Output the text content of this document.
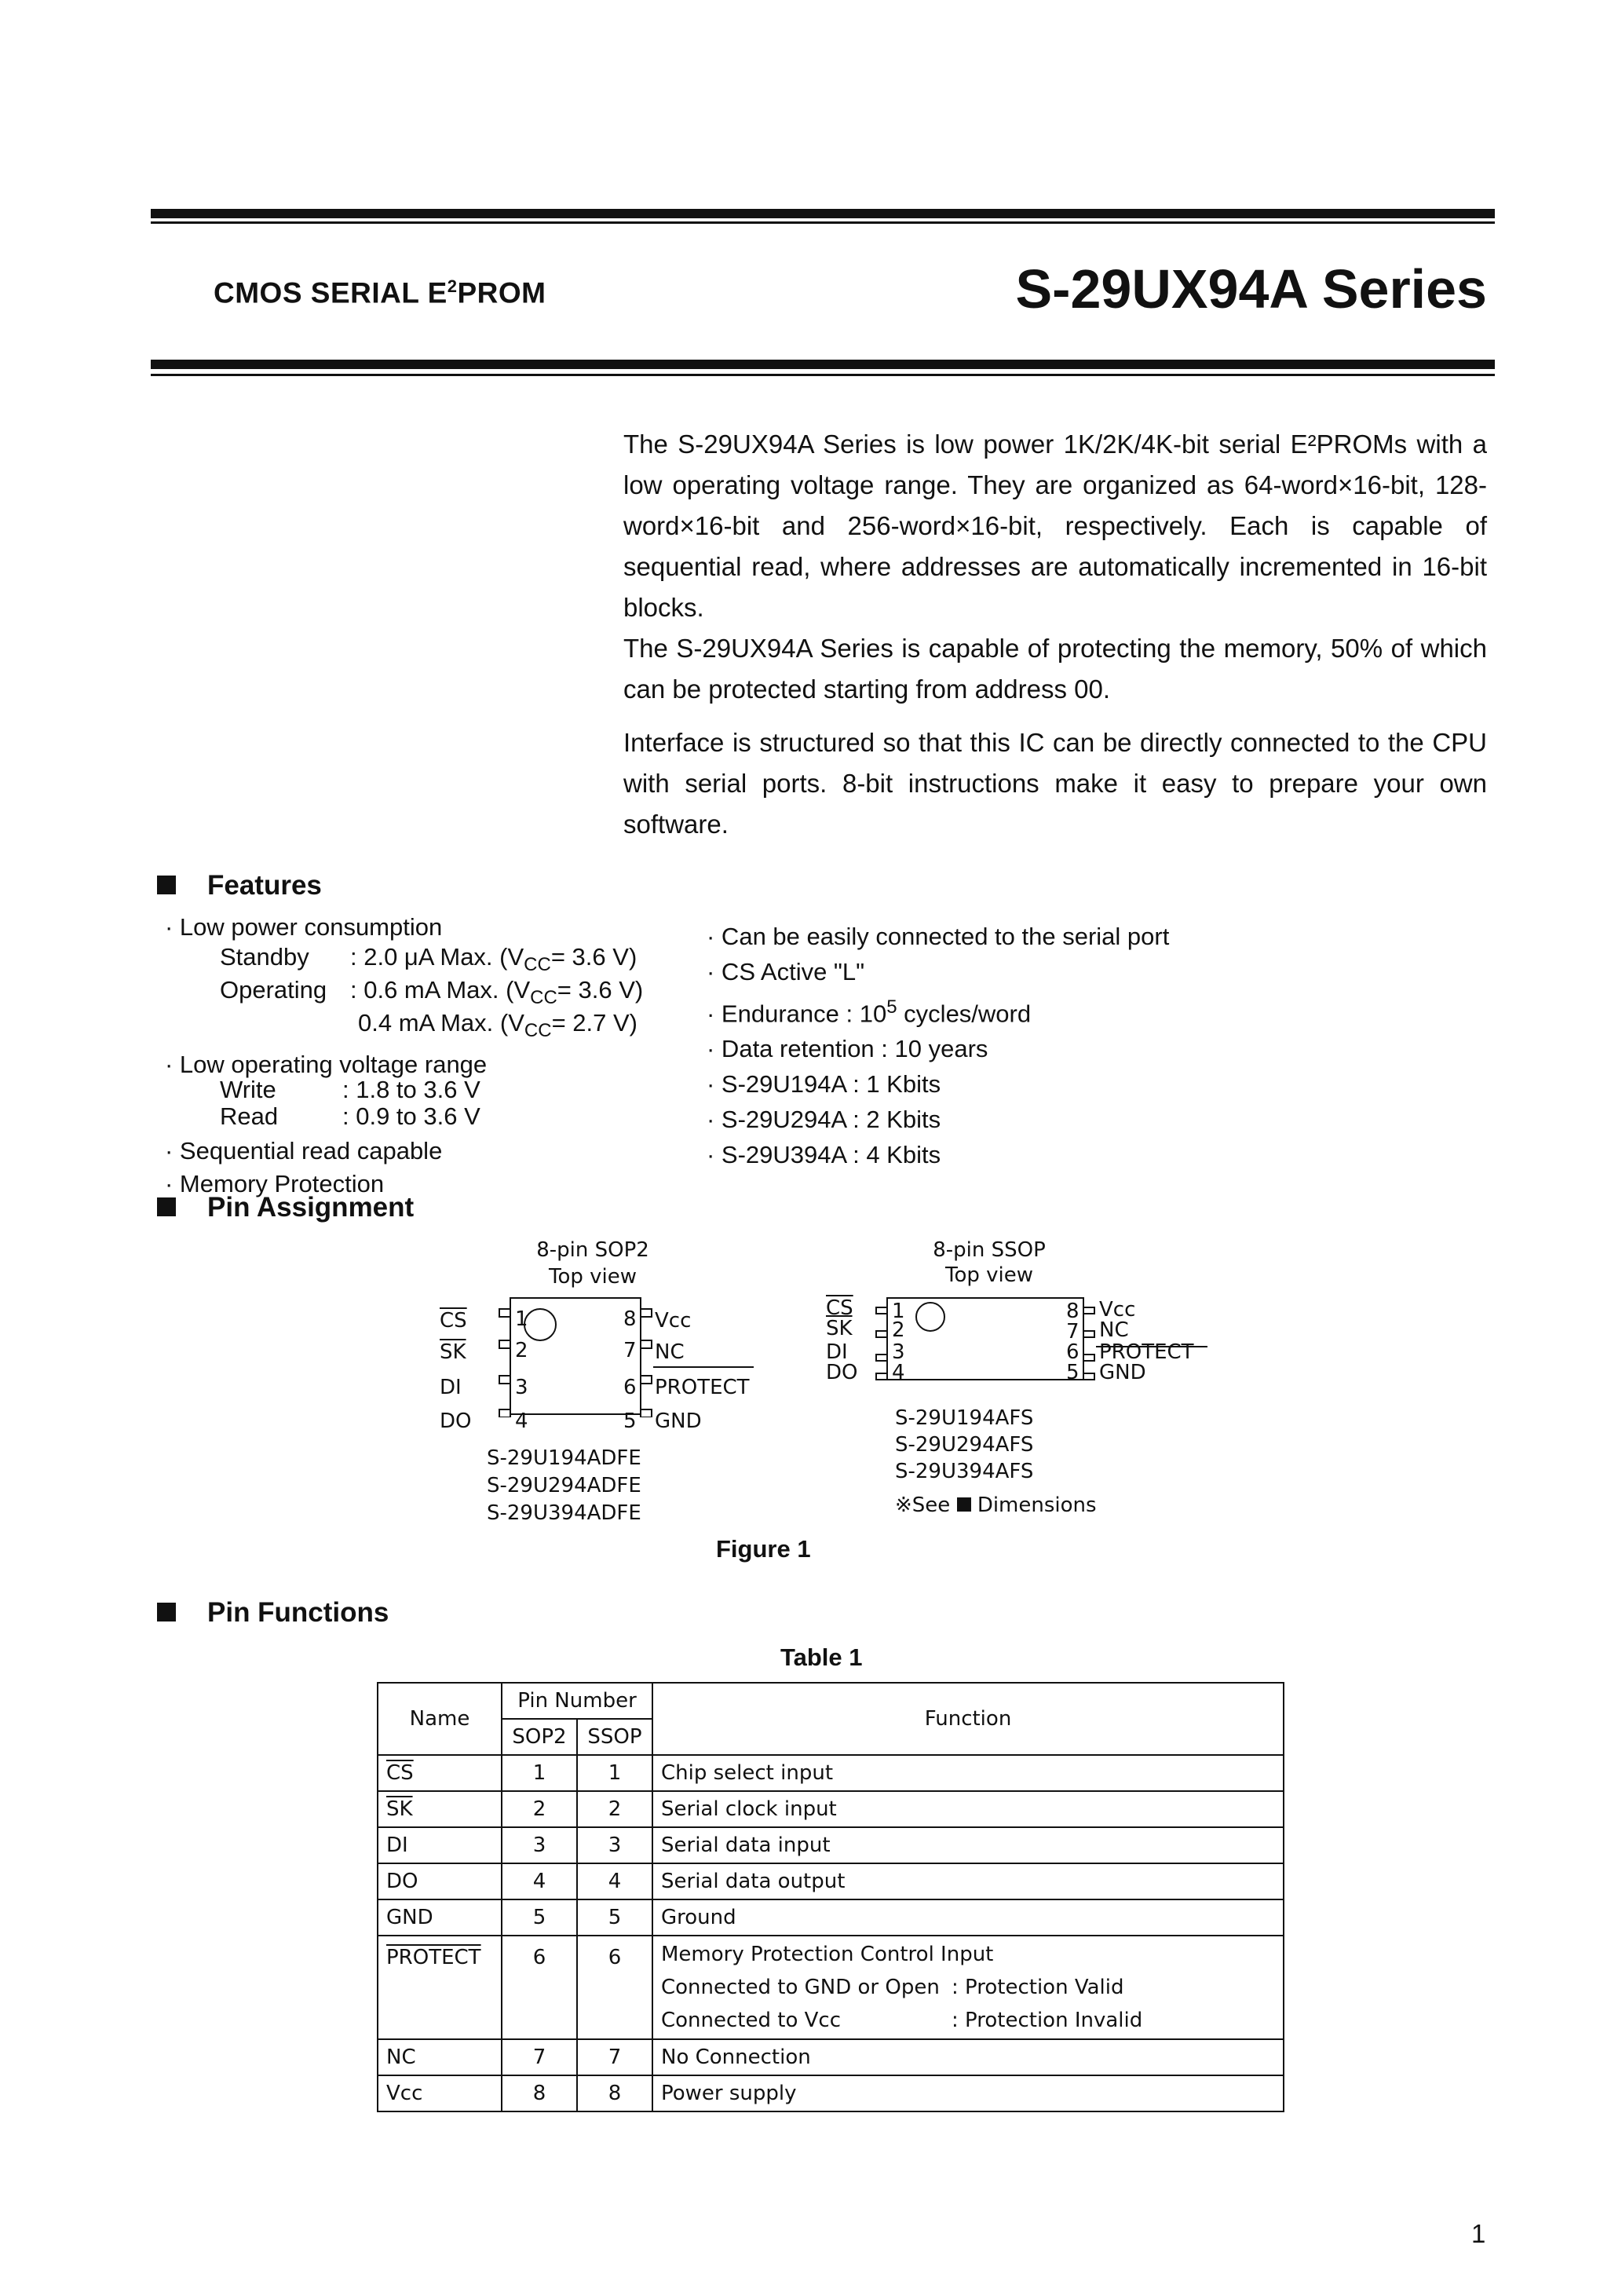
CMOS SERIAL $E^2PROM$	S-29UX94A Series

The S-29UX94A Series is low power 1K/2K/4K-bit serial E²PROMs with a low operating voltage range. They are organized as 64-word×16-bit, 128-word×16-bit and 256-word×16-bit, respectively. Each is capable of sequential read, where addresses are automatically incremented in 16-bit blocks.

The S-29UX94A Series is capable of protecting the memory, 50% of which can be protected starting from address 00.

Interface is structured so that this IC can be directly connected to the CPU with serial ports. 8-bit instructions make it easy to prepare your own software.

Features
· Low power consumption
Standby : 2.0 μA Max. ($V_{CC}= 3.6$ V)
Operating : 0.6 mA Max. ($V_{CC}= 3.6$ V)
0.4 mA Max. ($V_{CC}= 2.7$ V)
· Low operating voltage range
Write	: 1.8 to 3.6 V
Read	: 0.9 to 3.6 V
· Sequential read capable
· Memory Protection
· Can be easily connected to the serial port
· CS Active "L"
· Endurance : $10^5$ cycles/word
· Data retention : 10 years
· S-29U194A : 1 Kbits
· S-29U294A : 2 Kbits
· S-29U394A : 4 Kbits
Pin Assignment
8-pin SOP2
Top view
$\overline{CS}$
$\overline{SK}$
DI
DO
1
2
3
4
8
7
6
5
Vcc
NC
PROTECT
GND
S-29U194ADFE
S-29U294ADFE
S-29U394ADFE
8-pin SSOP
Top view
$\overline{CS}$
$\overline{SK}$
DI
DO
1
2
3
4
8
7
6
5
Vcc
NC
PROTECT
GND
S-29U194AFS
S-29U294AFS
S-29U394AFS
※See Dimensions
Figure 1
Pin Functions
Table 1
Name	Pin Number		Function
	SOP2	SSOP	
$\overline{CS}$	1	1	Chip select input
$\overline{SK}$	2	2	Serial clock input
DI	3	3	Serial data input
DO	4	4	Serial data output
GND	5	5	Ground
PROTECT	6	6	Memory Protection Control Input
Connected to GND or Open : Protection Valid
Connected to Vcc : Protection Invalid

NC	7	7	No Connection
Vcc	8	8	Power supply
1
